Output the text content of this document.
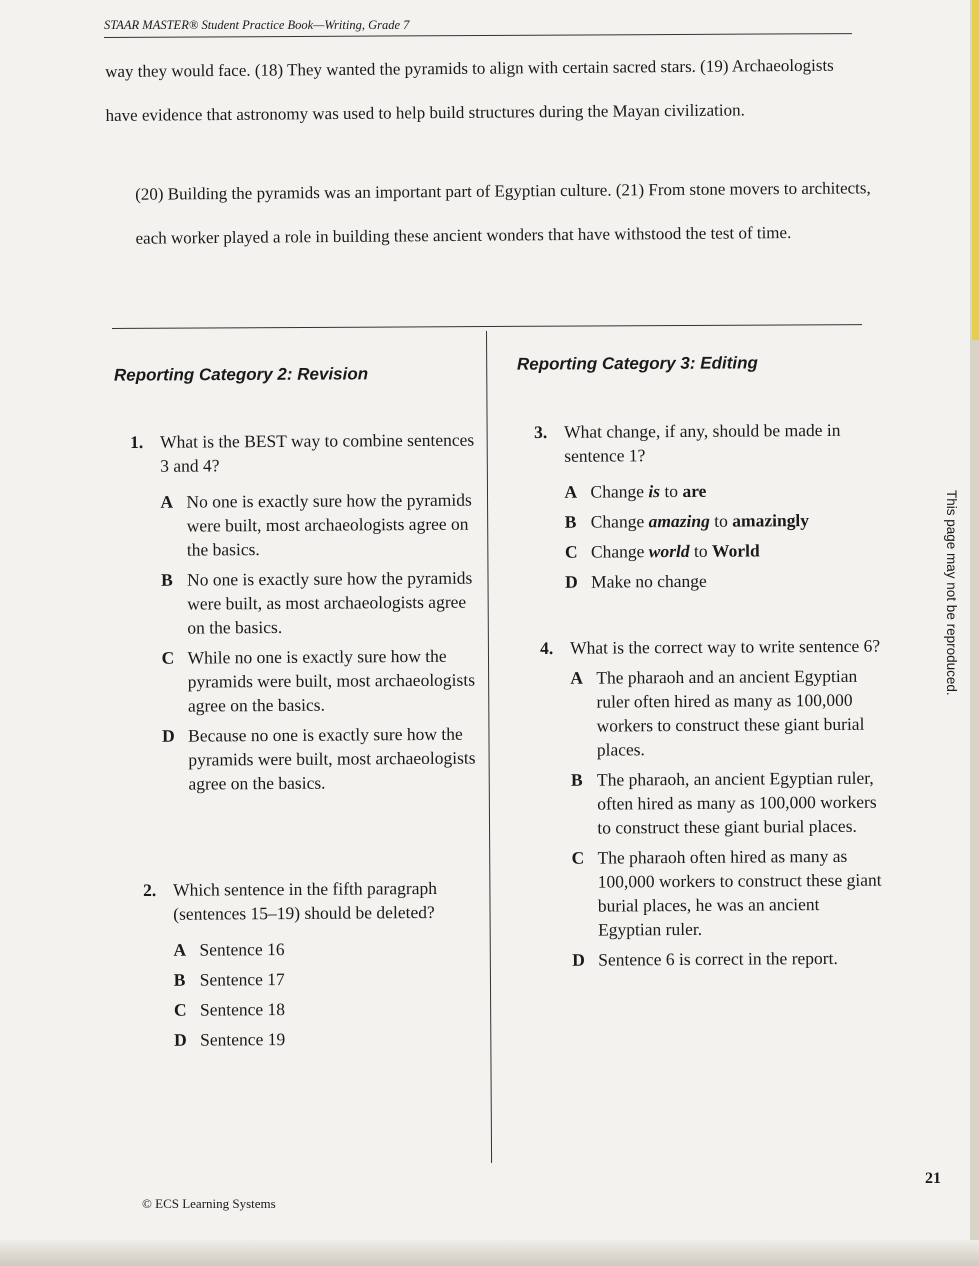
STAAR MASTER® Student Practice Book—Writing, Grade 7
way they would face. (18) They wanted the pyramids to align with certain sacred stars. (19) Archaeologists have evidence that astronomy was used to help build structures during the Mayan civilization.
(20) Building the pyramids was an important part of Egyptian culture. (21) From stone movers to architects, each worker played a role in building these ancient wonders that have withstood the test of time.
Reporting Category 2: Revision
Reporting Category 3: Editing
1. What is the BEST way to combine sentences 3 and 4?
A No one is exactly sure how the pyramids were built, most archaeologists agree on the basics.
B No one is exactly sure how the pyramids were built, as most archaeologists agree on the basics.
C While no one is exactly sure how the pyramids were built, most archaeologists agree on the basics.
D Because no one is exactly sure how the pyramids were built, most archaeologists agree on the basics.
2. Which sentence in the fifth paragraph (sentences 15–19) should be deleted?
A Sentence 16
B Sentence 17
C Sentence 18
D Sentence 19
3. What change, if any, should be made in sentence 1?
A Change is to are
B Change amazing to amazingly
C Change world to World
D Make no change
4. What is the correct way to write sentence 6?
A The pharaoh and an ancient Egyptian ruler often hired as many as 100,000 workers to construct these giant burial places.
B The pharaoh, an ancient Egyptian ruler, often hired as many as 100,000 workers to construct these giant burial places.
C The pharaoh often hired as many as 100,000 workers to construct these giant burial places, he was an ancient Egyptian ruler.
D Sentence 6 is correct in the report.
This page may not be reproduced.
21
© ECS Learning Systems
